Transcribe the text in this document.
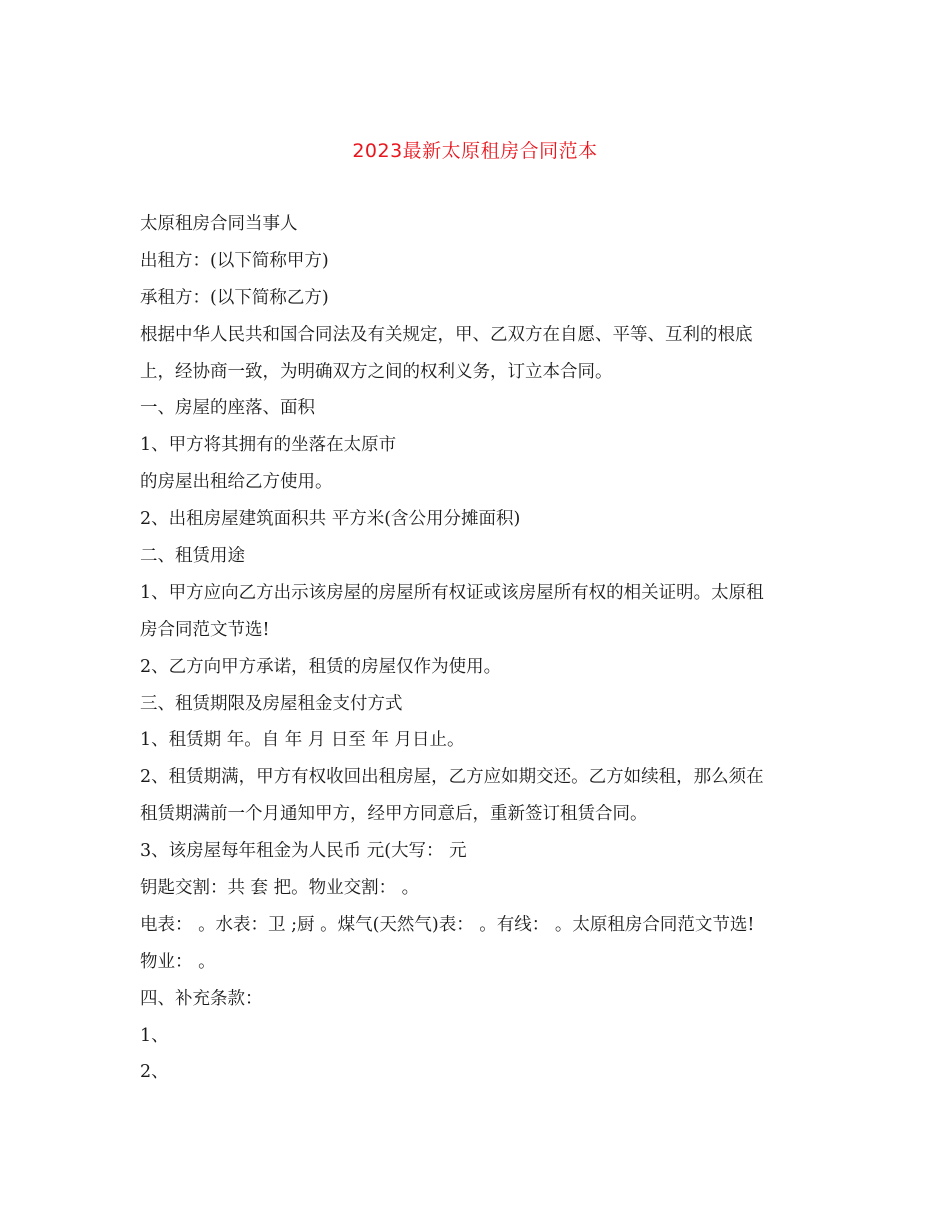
2023最新太原租房合同范本
太原租房合同当事人
出租方：(以下简称甲方)
承租方：(以下简称乙方)
根据中华人民共和国合同法及有关规定，甲、乙双方在自愿、平等、互利的根底
上，经协商一致，为明确双方之间的权利义务，订立本合同。
一、房屋的座落、面积
1、甲方将其拥有的坐落在太原市
的房屋出租给乙方使用。
2、出租房屋建筑面积共 平方米(含公用分摊面积)
二、租赁用途
1、甲方应向乙方出示该房屋的房屋所有权证或该房屋所有权的相关证明。太原租
房合同范文节选!
2、乙方向甲方承诺，租赁的房屋仅作为使用。
三、租赁期限及房屋租金支付方式
1、租赁期 年。自 年 月 日至 年 月日止。
2、租赁期满，甲方有权收回出租房屋，乙方应如期交还。乙方如续租，那么须在
租赁期满前一个月通知甲方，经甲方同意后，重新签订租赁合同。
3、该房屋每年租金为人民币 元(大写： 元
钥匙交割：共 套 把。物业交割： 。
电表： 。水表：卫 ;厨 。煤气(天然气)表： 。有线： 。太原租房合同范文节选!
物业： 。
四、补充条款：
1、
2、
